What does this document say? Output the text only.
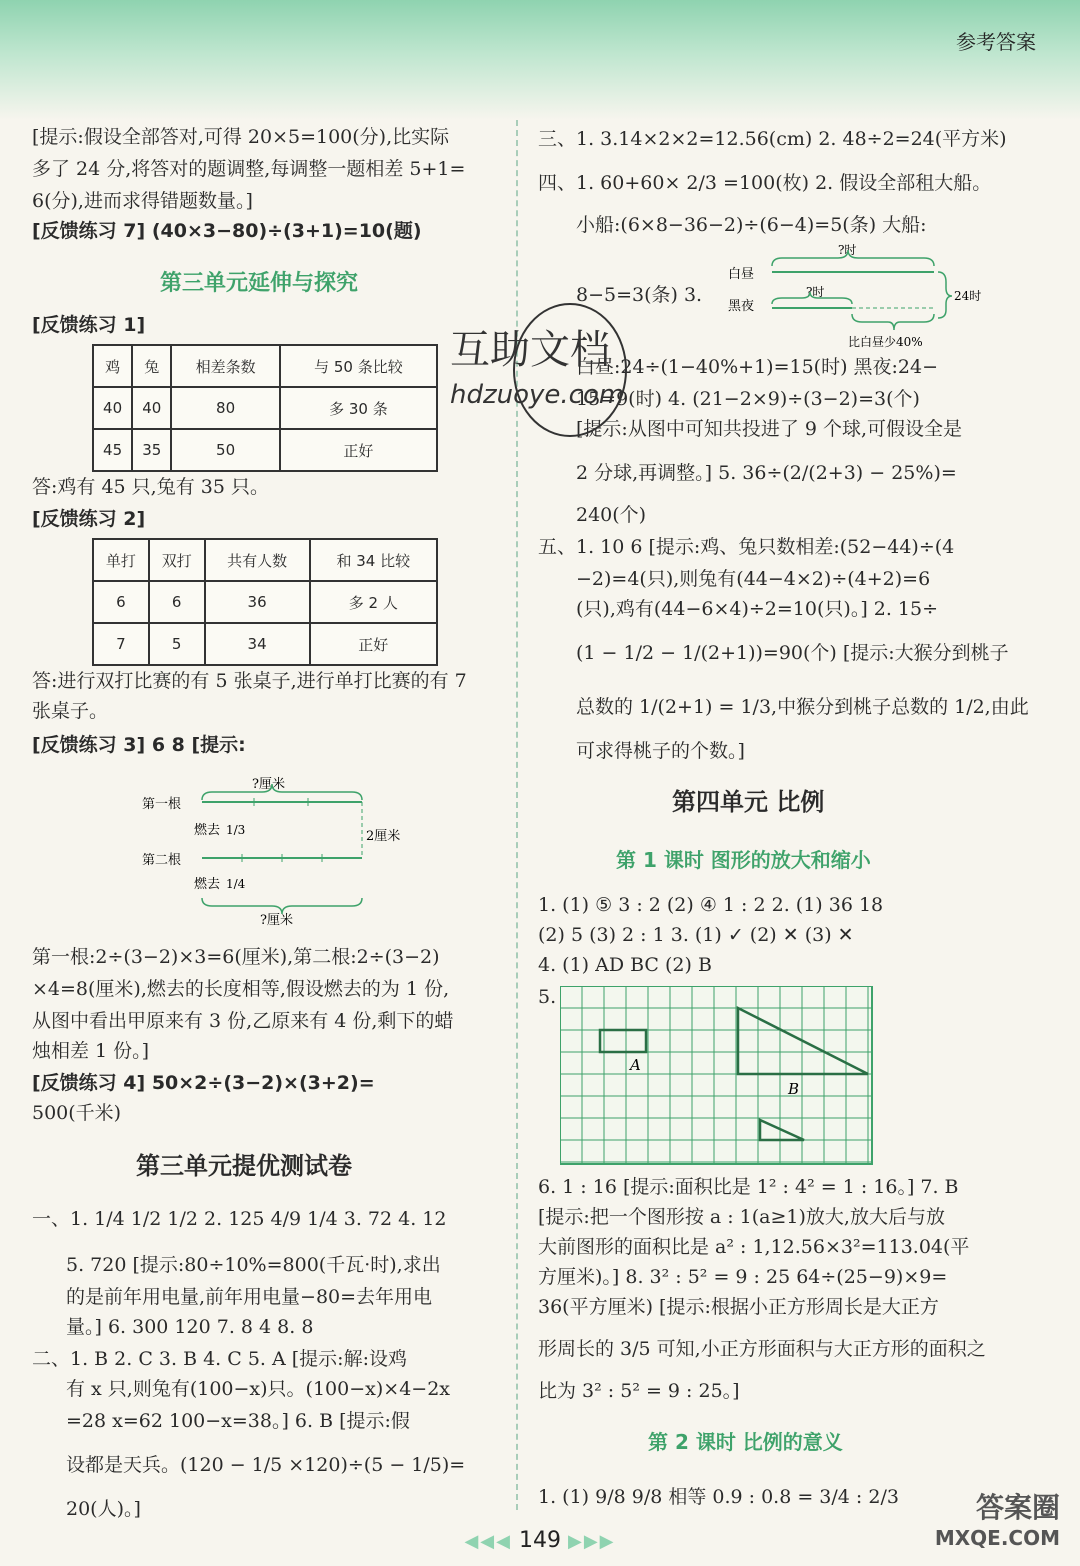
参考答案
[提示:假设全部答对,可得 20×5=100(分),比实际
多了 24 分,将答对的题调整,每调整一题相差 5+1=
6(分),进而求得错题数量。]
[反馈练习 7] (40×3−80)÷(3+1)=10(题)
第三单元延伸与探究
[反馈练习 1]
鸡	兔	相差条数	与 50 条比较
40	40	80	多 30 条
45	35	50	正好
答:鸡有 45 只,兔有 35 只。
[反馈练习 2]
单打	双打	共有人数	和 34 比较
6	6	36	多 2 人
7	5	34	正好
答:进行双打比赛的有 5 张桌子,进行单打比赛的有 7
张桌子。
[反馈练习 3] 6 8 [提示:
?厘米
第一根
燃去 1/3	2厘米
第二根
燃去 1/4
?厘米
第一根:2÷(3−2)×3=6(厘米),第二根:2÷(3−2)
×4=8(厘米),燃去的长度相等,假设燃去的为 1 份,
从图中看出甲原来有 3 份,乙原来有 4 份,剩下的蜡
烛相差 1 份。]
[反馈练习 4] 50×2÷(3−2)×(3+2)=
500(千米)
第三单元提优测试卷
一、1. 1/4 1/2 1/2 2. 125 4/9 1/4 3. 72 4. 12
5. 720 [提示:80÷10%=800(千瓦·时),求出
的是前年用电量,前年用电量−80=去年用电
量。] 6. 300 120 7. 8 4 8. 8
二、1. B 2. C 3. B 4. C 5. A [提示:解:设鸡
有 x 只,则兔有(100−x)只。(100−x)×4−2x
=28 x=62 100−x=38。] 6. B [提示:假
设都是天兵。(120 − 1/5 ×120)÷(5 − 1/5)=
20(人)。]
三、1. 3.14×2×2=12.56(cm) 2. 48÷2=24(平方米)
四、1. 60+60× 2/3 =100(枚) 2. 假设全部租大船。
小船:(6×8−36−2)÷(6−4)=5(条) 大船:
8−5=3(条) 3.
?时
白昼
?时
黑夜
24时
比白昼少40%
白昼:24÷(1−40%+1)=15(时) 黑夜:24−
15=9(时) 4. (21−2×9)÷(3−2)=3(个)
[提示:从图中可知共投进了 9 个球,可假设全是
2 分球,再调整。] 5. 36÷(2/(2+3) − 25%)=
240(个)
五、1. 10 6 [提示:鸡、兔只数相差:(52−44)÷(4
−2)=4(只),则兔有(44−4×2)÷(4+2)=6
(只),鸡有(44−6×4)÷2=10(只)。] 2. 15÷
(1 − 1/2 − 1/(2+1))=90(个) [提示:大猴分到桃子
总数的 1/(2+1) = 1/3,中猴分到桃子总数的 1/2,由此
可求得桃子的个数。]
第四单元 比例
第 1 课时 图形的放大和缩小
1. (1) ⑤ 3 : 2 (2) ④ 1 : 2 2. (1) 36 18
(2) 5 (3) 2 : 1 3. (1) ✓ (2) ✕ (3) ✕
4. (1) AD BC (2) B
5.
A
B
6. 1 : 16 [提示:面积比是 1² : 4² = 1 : 16。] 7. B
[提示:把一个图形按 a : 1(a≥1)放大,放大后与放
大前图形的面积比是 a² : 1,12.56×3²=113.04(平
方厘米)。] 8. 3² : 5² = 9 : 25 64÷(25−9)×9=
36(平方厘米) [提示:根据小正方形周长是大正方
形周长的 3/5 可知,小正方形面积与大正方形的面积之
比为 3² : 5² = 9 : 25。]
第 2 课时 比例的意义
1. (1) 9/8 9/8 相等 0.9 : 0.8 = 3/4 : 2/3
互助文档
hdzuoye.com
答案圈
MXQE.COM
◀◀◀ 149 ▶▶▶
